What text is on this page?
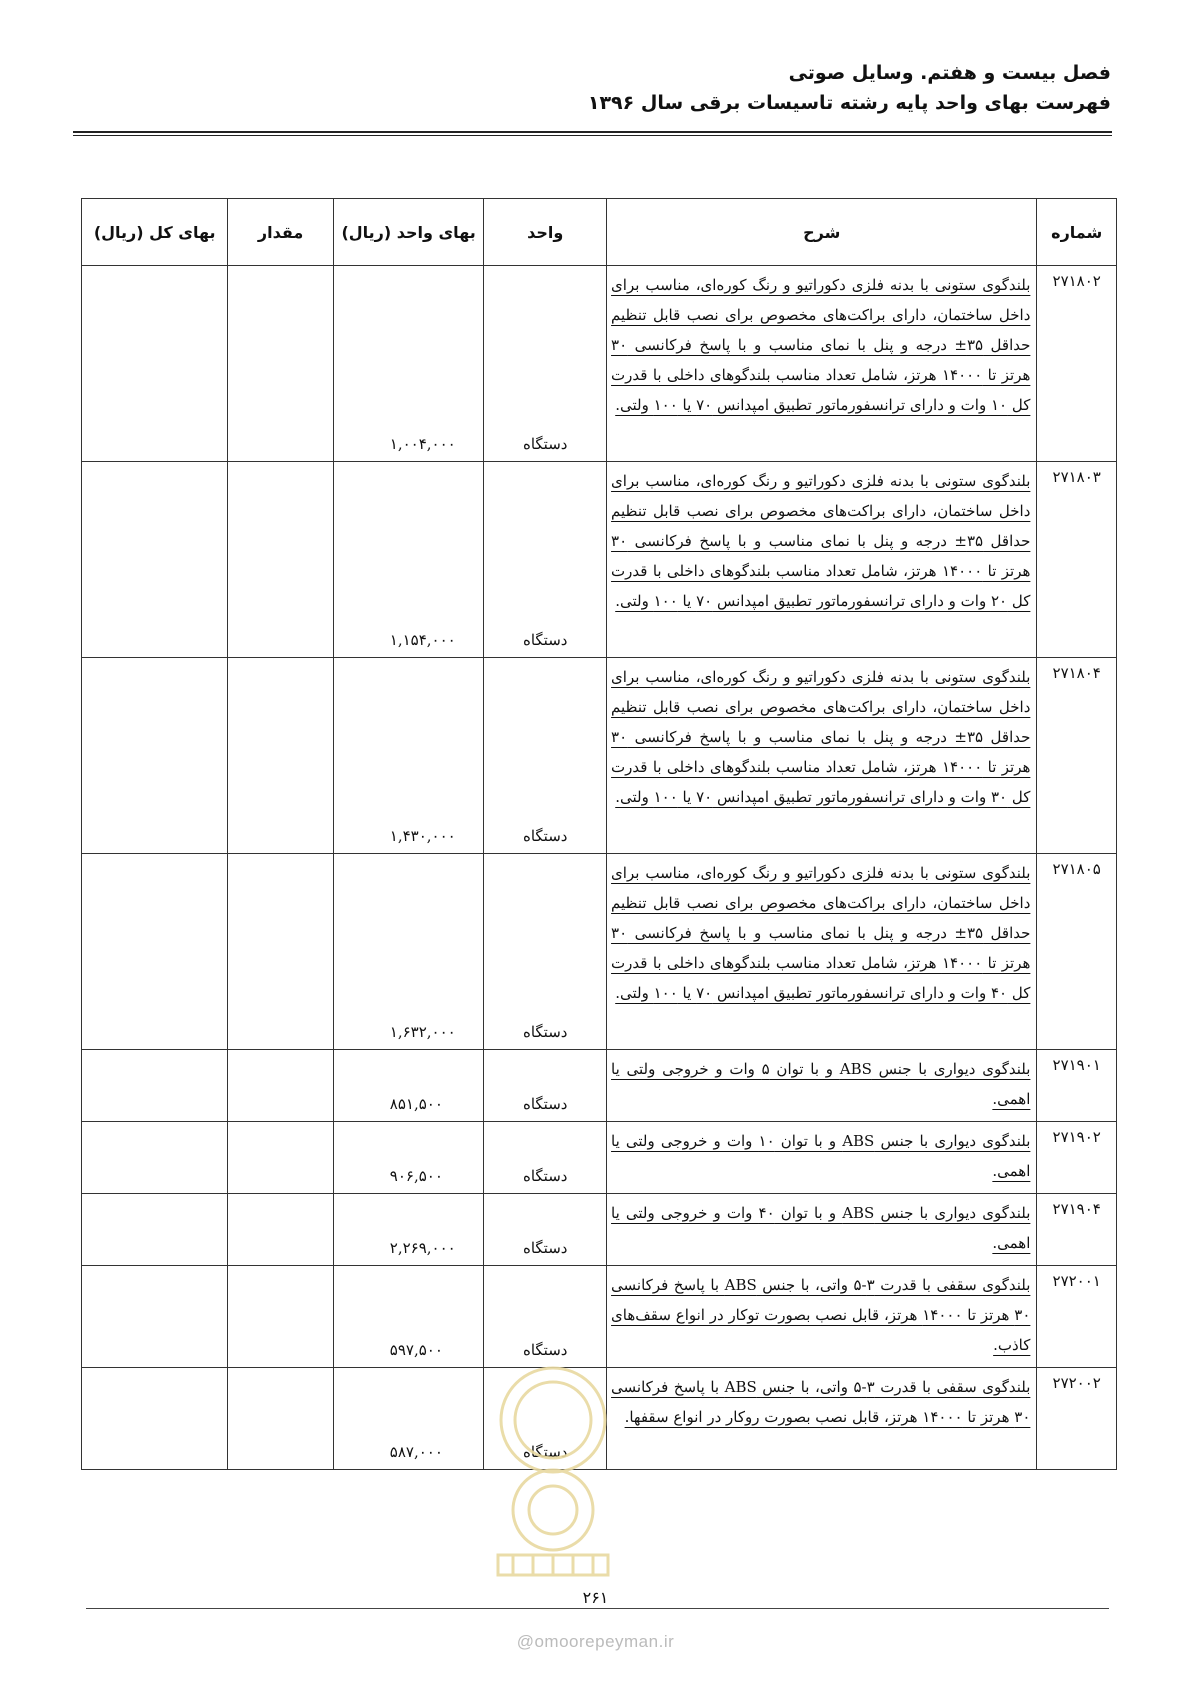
فصل بیست و هفتم. وسایل صوتی
فهرست بهای واحد پایه رشته تاسیسات برقی سال ۱۳۹۶
شماره	شرح	واحد	بهای واحد (ریال)	مقدار	بهای کل (ریال)
۲۷۱۸۰۲	بلندگوی ستونی با بدنه فلزی دکوراتیو و رنگ کوره‌ای، مناسب برای داخل ساختمان، دارای براکت‌های مخصوص برای نصب قابل تنظیم حداقل ۳۵± درجه و پنل با نمای مناسب و با پاسخ فرکانسی ۳۰ هرتز تا ۱۴۰۰۰ هرتز، شامل تعداد مناسب بلندگوهای داخلی با قدرت کل ۱۰ وات و دارای ترانسفورماتور تطبیق امپدانس ۷۰ یا ۱۰۰ ولتی.	دستگاه	۱,۰۰۴,۰۰۰		
۲۷۱۸۰۳	بلندگوی ستونی با بدنه فلزی دکوراتیو و رنگ کوره‌ای، مناسب برای داخل ساختمان، دارای براکت‌های مخصوص برای نصب قابل تنظیم حداقل ۳۵± درجه و پنل با نمای مناسب و با پاسخ فرکانسی ۳۰ هرتز تا ۱۴۰۰۰ هرتز، شامل تعداد مناسب بلندگوهای داخلی با قدرت کل ۲۰ وات و دارای ترانسفورماتور تطبیق امپدانس ۷۰ یا ۱۰۰ ولتی.	دستگاه	۱,۱۵۴,۰۰۰		
۲۷۱۸۰۴	بلندگوی ستونی با بدنه فلزی دکوراتیو و رنگ کوره‌ای، مناسب برای داخل ساختمان، دارای براکت‌های مخصوص برای نصب قابل تنظیم حداقل ۳۵± درجه و پنل با نمای مناسب و با پاسخ فرکانسی ۳۰ هرتز تا ۱۴۰۰۰ هرتز، شامل تعداد مناسب بلندگوهای داخلی با قدرت کل ۳۰ وات و دارای ترانسفورماتور تطبیق امپدانس ۷۰ یا ۱۰۰ ولتی.	دستگاه	۱,۴۳۰,۰۰۰		
۲۷۱۸۰۵	بلندگوی ستونی با بدنه فلزی دکوراتیو و رنگ کوره‌ای، مناسب برای داخل ساختمان، دارای براکت‌های مخصوص برای نصب قابل تنظیم حداقل ۳۵± درجه و پنل با نمای مناسب و با پاسخ فرکانسی ۳۰ هرتز تا ۱۴۰۰۰ هرتز، شامل تعداد مناسب بلندگوهای داخلی با قدرت کل ۴۰ وات و دارای ترانسفورماتور تطبیق امپدانس ۷۰ یا ۱۰۰ ولتی.	دستگاه	۱,۶۳۲,۰۰۰		
۲۷۱۹۰۱	بلندگوی دیواری با جنس ABS و با توان ۵ وات و خروجی ولتی یا اهمی.	دستگاه	۸۵۱,۵۰۰		
۲۷۱۹۰۲	بلندگوی دیواری با جنس ABS و با توان ۱۰ وات و خروجی ولتی یا اهمی.	دستگاه	۹۰۶,۵۰۰		
۲۷۱۹۰۴	بلندگوی دیواری با جنس ABS و با توان ۴۰ وات و خروجی ولتی یا اهمی.	دستگاه	۲,۲۶۹,۰۰۰		
۲۷۲۰۰۱	بلندگوی سقفی با قدرت ۳-۵ واتی، با جنس ABS با پاسخ فرکانسی ۳۰ هرتز تا ۱۴۰۰۰ هرتز، قابل نصب بصورت توکار در انواع سقف‌های کاذب.	دستگاه	۵۹۷,۵۰۰		
۲۷۲۰۰۲	بلندگوی سقفی با قدرت ۳-۵ واتی، با جنس ABS با پاسخ فرکانسی ۳۰ هرتز تا ۱۴۰۰۰ هرتز، قابل نصب بصورت روکار در انواع سقفها.	دستگاه	۵۸۷,۰۰۰		
۲۶۱
@omoorepeyman.ir
